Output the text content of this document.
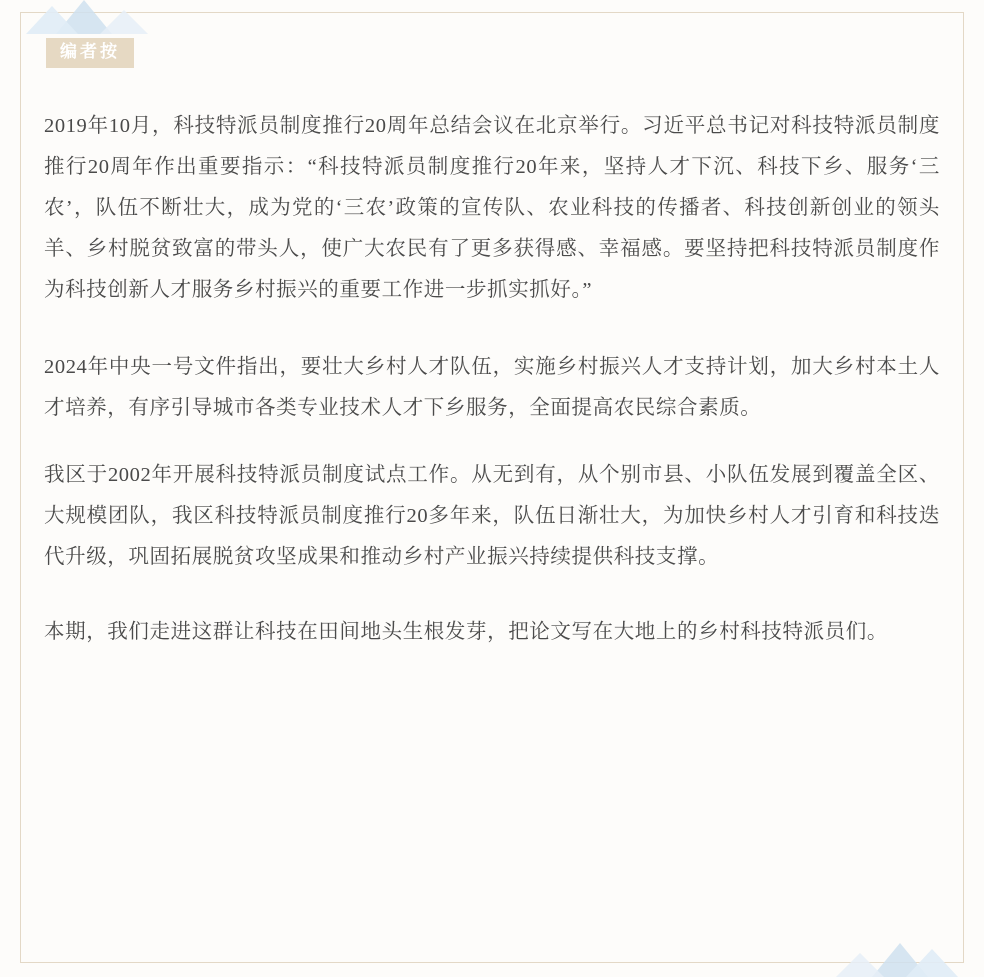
编者按

2019年10月，科技特派员制度推行20周年总结会议在北京举行。习近平总书记对科技特派员制度推行20周年作出重要指示：“科技特派员制度推行20年来，坚持人才下沉、科技下乡、服务‘三农’，队伍不断壮大，成为党的‘三农’政策的宣传队、农业科技的传播者、科技创新创业的领头羊、乡村脱贫致富的带头人，使广大农民有了更多获得感、幸福感。要坚持把科技特派员制度作为科技创新人才服务乡村振兴的重要工作进一步抓实抓好。”

2024年中央一号文件指出，要壮大乡村人才队伍，实施乡村振兴人才支持计划，加大乡村本土人才培养，有序引导城市各类专业技术人才下乡服务，全面提高农民综合素质。

我区于2002年开展科技特派员制度试点工作。从无到有，从个别市县、小队伍发展到覆盖全区、大规模团队，我区科技特派员制度推行20多年来，队伍日渐壮大，为加快乡村人才引育和科技迭代升级，巩固拓展脱贫攻坚成果和推动乡村产业振兴持续提供科技支撑。

本期，我们走进这群让科技在田间地头生根发芽，把论文写在大地上的乡村科技特派员们。
